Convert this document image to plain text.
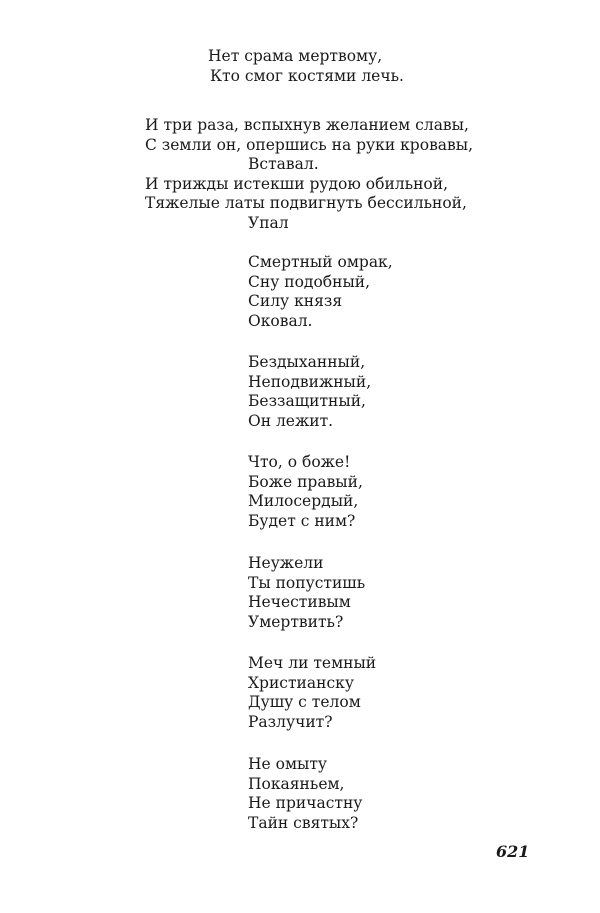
Нет срама мертвому,
Кто смог костями лечь.
И три раза, вспыхнув желанием славы,
С земли он, опершись на руки кровавы,
Вставал.
И трижды истекши рудою обильной,
Тяжелые латы подвигнуть бессильной,
Упал
Смертный омрак,
Сну подобный,
Силу князя
Оковал.
Бездыханный,
Неподвижный,
Беззащитный,
Он лежит.
Что, о боже!
Боже правый,
Милосердый,
Будет с ним?
Неужели
Ты попустишь
Нечестивым
Умертвить?
Меч ли темный
Христианску
Душу с телом
Разлучит?
Не омыту
Покаяньем,
Не причастну
Тайн святых?
621
